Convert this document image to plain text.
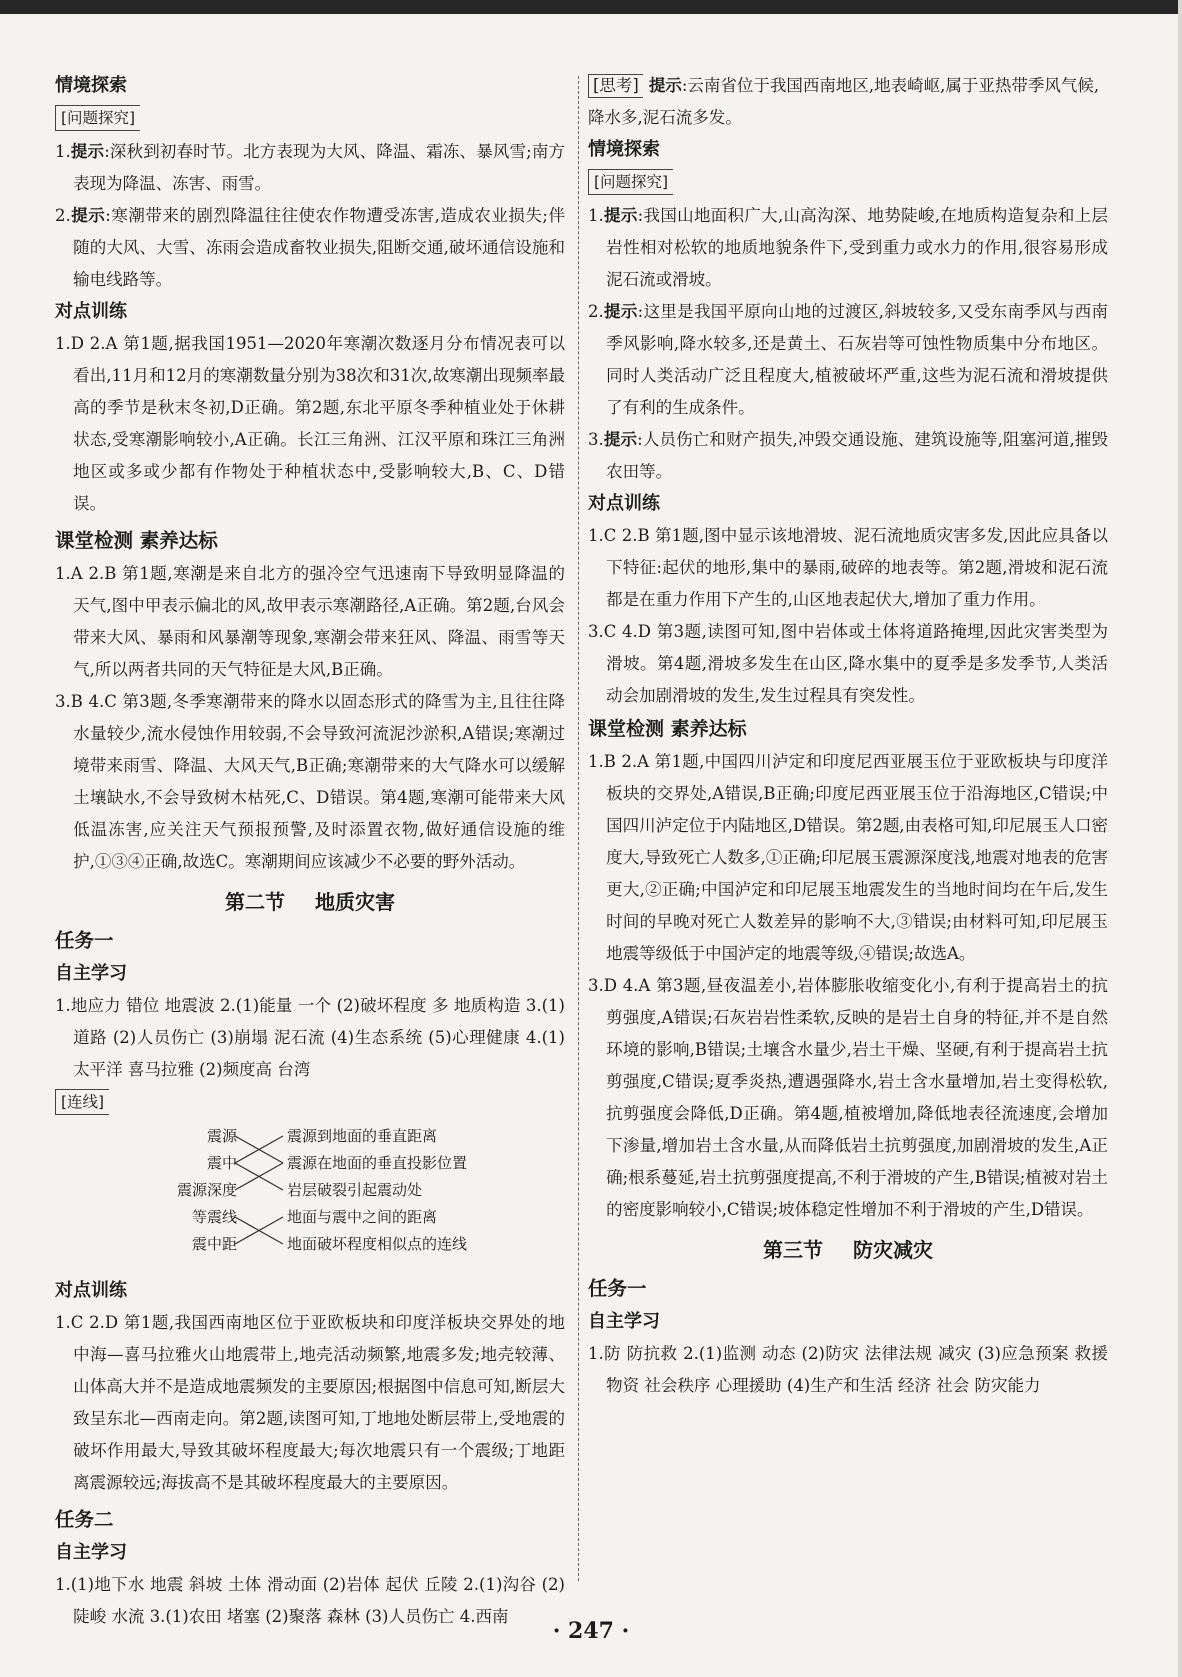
情境探索
[问题探究]

1.提示:深秋到初春时节。北方表现为大风、降温、霜冻、暴风雪;南方表现为降温、冻害、雨雪。

2.提示:寒潮带来的剧烈降温往往使农作物遭受冻害,造成农业损失;伴随的大风、大雪、冻雨会造成畜牧业损失,阻断交通,破坏通信设施和输电线路等。

对点训练

1.D 2.A 第1题,据我国1951—2020年寒潮次数逐月分布情况表可以看出,11月和12月的寒潮数量分别为38次和31次,故寒潮出现频率最高的季节是秋末冬初,D正确。第2题,东北平原冬季种植业处于休耕状态,受寒潮影响较小,A正确。长江三角洲、江汉平原和珠江三角洲地区或多或少都有作物处于种植状态中,受影响较大,B、C、D错误。

课堂检测 素养达标

1.A 2.B 第1题,寒潮是来自北方的强冷空气迅速南下导致明显降温的天气,图中甲表示偏北的风,故甲表示寒潮路径,A正确。第2题,台风会带来大风、暴雨和风暴潮等现象,寒潮会带来狂风、降温、雨雪等天气,所以两者共同的天气特征是大风,B正确。

3.B 4.C 第3题,冬季寒潮带来的降水以固态形式的降雪为主,且往往降水量较少,流水侵蚀作用较弱,不会导致河流泥沙淤积,A错误;寒潮过境带来雨雪、降温、大风天气,B正确;寒潮带来的大气降水可以缓解土壤缺水,不会导致树木枯死,C、D错误。第4题,寒潮可能带来大风低温冻害,应关注天气预报预警,及时添置衣物,做好通信设施的维护,①③④正确,故选C。寒潮期间应该减少不必要的野外活动。

第二节 地质灾害
任务一
自主学习

1.地应力 错位 地震波 2.(1)能量 一个 (2)破坏程度 多 地质构造 3.(1)道路 (2)人员伤亡 (3)崩塌 泥石流 (4)生态系统 (5)心理健康 4.(1)太平洋 喜马拉雅 (2)频度高 台湾

[连线]
震源
震中
震源深度
等震线
震中距
震源到地面的垂直距离
震源在地面的垂直投影位置
岩层破裂引起震动处
地面与震中之间的距离
地面破坏程度相似点的连线
对点训练

1.C 2.D 第1题,我国西南地区位于亚欧板块和印度洋板块交界处的地中海—喜马拉雅火山地震带上,地壳活动频繁,地震多发;地壳较薄、山体高大并不是造成地震频发的主要原因;根据图中信息可知,断层大致呈东北—西南走向。第2题,读图可知,丁地地处断层带上,受地震的破坏作用最大,导致其破坏程度最大;每次地震只有一个震级;丁地距离震源较远;海拔高不是其破坏程度最大的主要原因。

任务二
自主学习

1.(1)地下水 地震 斜坡 土体 滑动面 (2)岩体 起伏 丘陵 2.(1)沟谷 (2)陡峻 水流 3.(1)农田 堵塞 (2)聚落 森林 (3)人员伤亡 4.西南

[思考] 提示:云南省位于我国西南地区,地表崎岖,属于亚热带季风气候,降水多,泥石流多发。

情境探索
[问题探究]

1.提示:我国山地面积广大,山高沟深、地势陡峻,在地质构造复杂和上层岩性相对松软的地质地貌条件下,受到重力或水力的作用,很容易形成泥石流或滑坡。

2.提示:这里是我国平原向山地的过渡区,斜坡较多,又受东南季风与西南季风影响,降水较多,还是黄土、石灰岩等可蚀性物质集中分布地区。同时人类活动广泛且程度大,植被破坏严重,这些为泥石流和滑坡提供了有利的生成条件。

3.提示:人员伤亡和财产损失,冲毁交通设施、建筑设施等,阻塞河道,摧毁农田等。

对点训练

1.C 2.B 第1题,图中显示该地滑坡、泥石流地质灾害多发,因此应具备以下特征:起伏的地形,集中的暴雨,破碎的地表等。第2题,滑坡和泥石流都是在重力作用下产生的,山区地表起伏大,增加了重力作用。

3.C 4.D 第3题,读图可知,图中岩体或土体将道路掩埋,因此灾害类型为滑坡。第4题,滑坡多发生在山区,降水集中的夏季是多发季节,人类活动会加剧滑坡的发生,发生过程具有突发性。

课堂检测 素养达标

1.B 2.A 第1题,中国四川泸定和印度尼西亚展玉位于亚欧板块与印度洋板块的交界处,A错误,B正确;印度尼西亚展玉位于沿海地区,C错误;中国四川泸定位于内陆地区,D错误。第2题,由表格可知,印尼展玉人口密度大,导致死亡人数多,①正确;印尼展玉震源深度浅,地震对地表的危害更大,②正确;中国泸定和印尼展玉地震发生的当地时间均在午后,发生时间的早晚对死亡人数差异的影响不大,③错误;由材料可知,印尼展玉地震等级低于中国泸定的地震等级,④错误;故选A。

3.D 4.A 第3题,昼夜温差小,岩体膨胀收缩变化小,有利于提高岩土的抗剪强度,A错误;石灰岩岩性柔软,反映的是岩土自身的特征,并不是自然环境的影响,B错误;土壤含水量少,岩土干燥、坚硬,有利于提高岩土抗剪强度,C错误;夏季炎热,遭遇强降水,岩土含水量增加,岩土变得松软,抗剪强度会降低,D正确。第4题,植被增加,降低地表径流速度,会增加下渗量,增加岩土含水量,从而降低岩土抗剪强度,加剧滑坡的发生,A正确;根系蔓延,岩土抗剪强度提高,不利于滑坡的产生,B错误;植被对岩土的密度影响较小,C错误;坡体稳定性增加不利于滑坡的产生,D错误。

第三节 防灾减灾
任务一
自主学习

1.防 防抗救 2.(1)监测 动态 (2)防灾 法律法规 减灾 (3)应急预案 救援物资 社会秩序 心理援助 (4)生产和生活 经济 社会 防灾能力

· 247 ·
